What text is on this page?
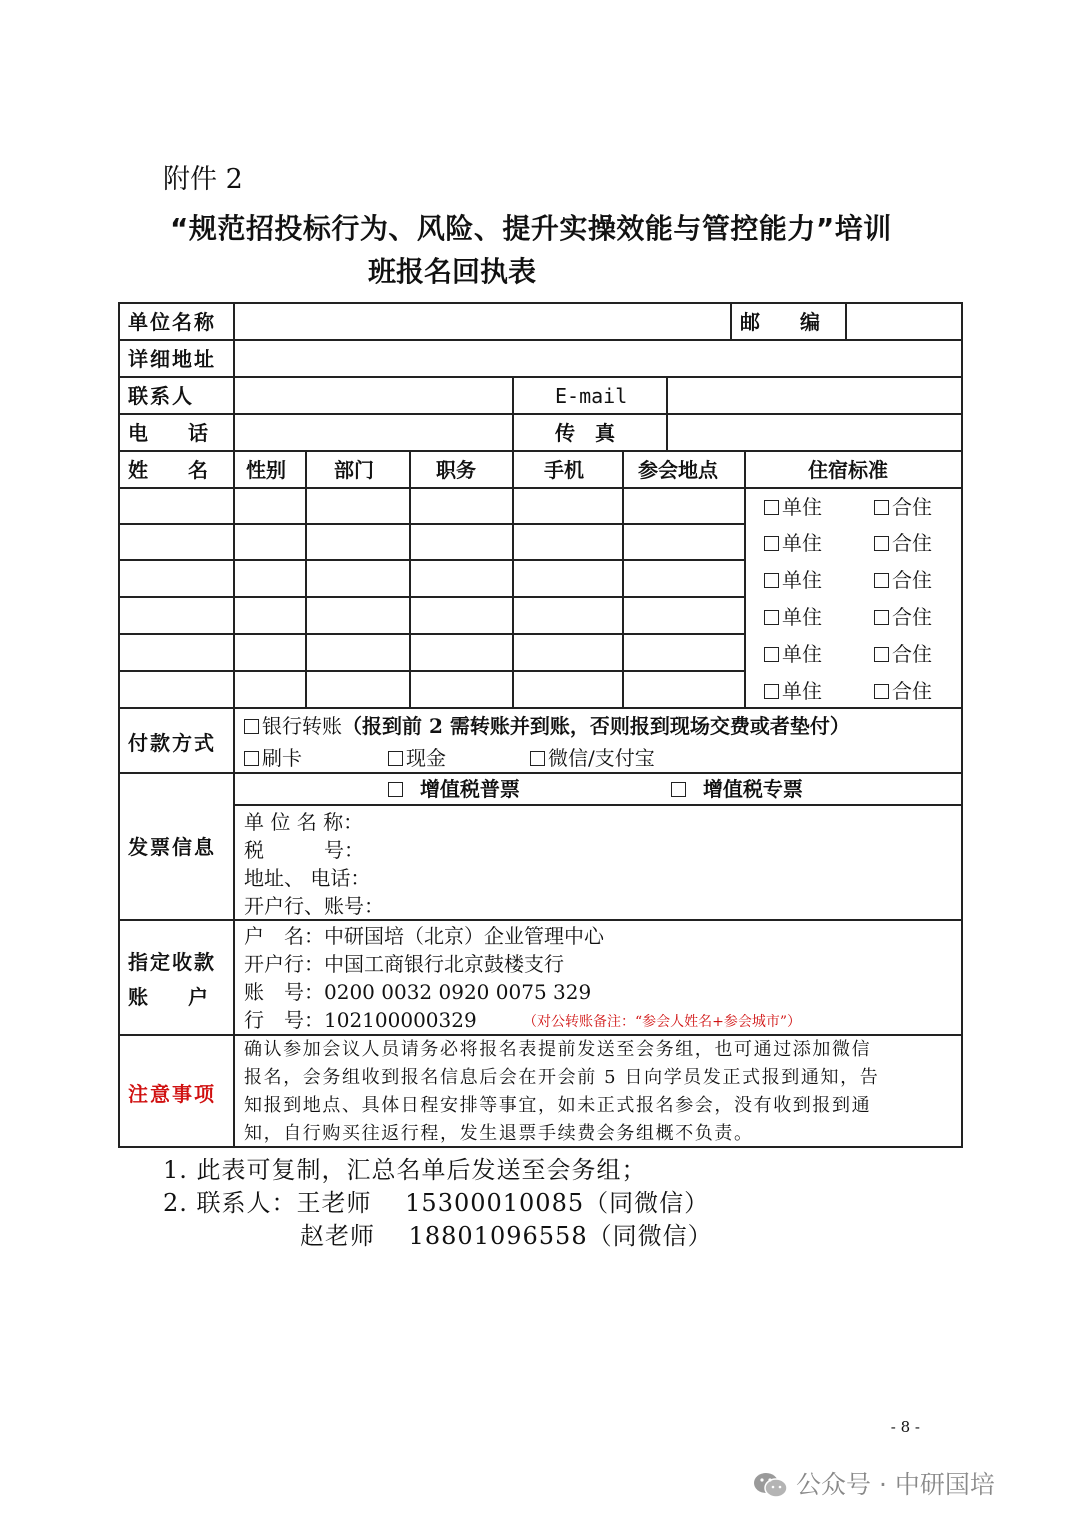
附件 2
“规范招投标行为、风险、提升实操效能与管控能力”培训
班报名回执表
单位名称	邮　　编
详细地址
联系人	E-mail
电　　话	传　真
姓　　名 性别 部门	职务	手机	参会地点	住宿标准
单住	合住
单住	合住
单住	合住
单住	合住
单住	合住
单住	合住
付款方式
银行转账（报到前 2 需转账并到账，否则报到现场交费或者垫付）
刷卡	现金	微信/支付宝
发票信息
增值税普票	增值税专票
单 位 名 称：
税　　　号：
地址、 电话：
开户行、账号：
指定收款
账　　户
户　名：中研国培（北京）企业管理中心
开户行：中国工商银行北京鼓楼支行
账　号：0200 0032 0920 0075 329
行　号：102100000329	（对公转账备注：“参会人姓名+参会城市”）
注意事项
确认参加会议人员请务必将报名表提前发送至会务组，也可通过添加微信
报名，会务组收到报名信息后会在开会前 5 日向学员发正式报到通知，告
知报到地点、具体日程安排等事宜，如未正式报名参会，没有收到报到通
知，自行购买往返行程，发生退票手续费会务组概不负责。
1. 此表可复制，汇总名单后发送至会务组；
2. 联系人：王老师　 15300010085（同微信）
赵老师　 18801096558（同微信）
- 8 -
公众号 · 中研国培
